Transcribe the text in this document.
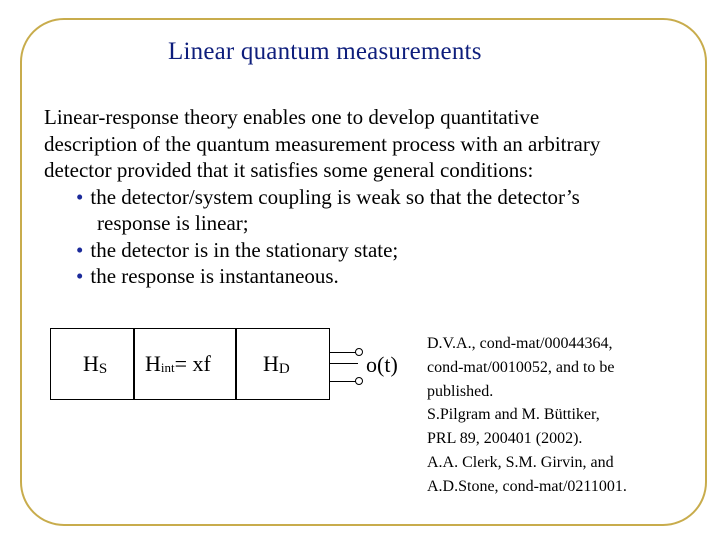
Linear quantum measurements
Linear-response theory enables one to develop quantitative
description of the quantum measurement process with an arbitrary
detector provided that it satisfies some general conditions:
• the detector/system coupling is weak so that the detector’s
response is linear;
• the detector is in the stationary state;
• the response is instantaneous.
$H_S$ $H_{int}=$ xf $H_D$	o(t)
D.V.A., cond-mat/00044364,
cond-mat/0010052, and to be
published.
S.Pilgram and M. Büttiker,
PRL 89, 200401 (2002).
A.A. Clerk, S.M. Girvin, and
A.D.Stone, cond-mat/0211001.
